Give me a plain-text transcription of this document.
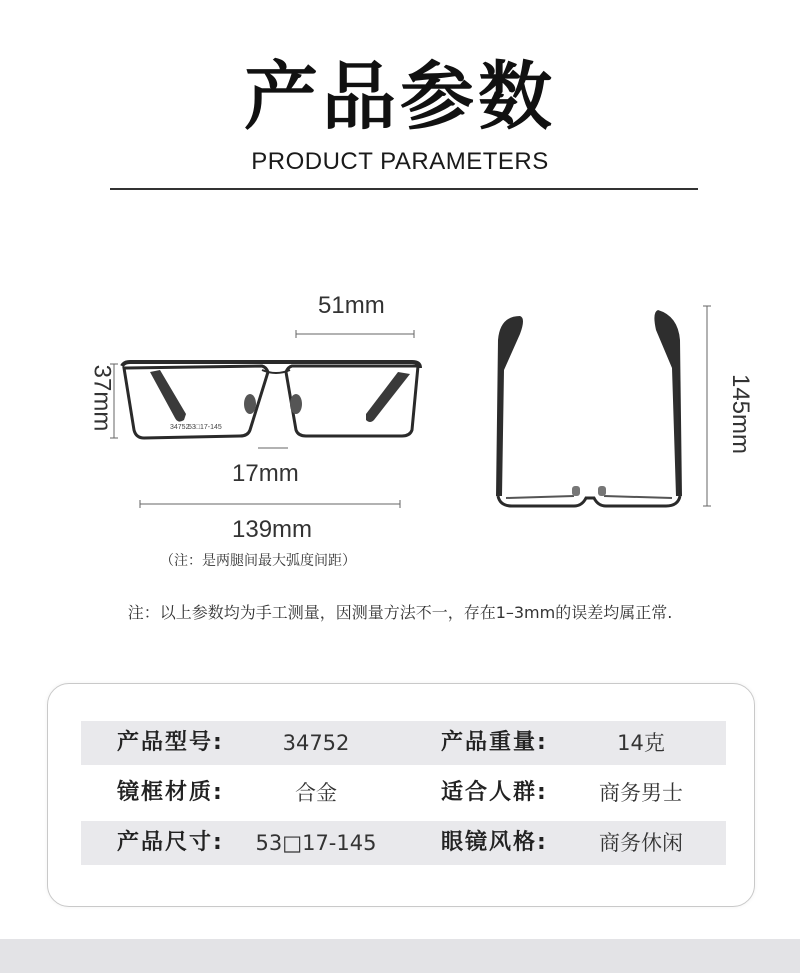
产品参数
PRODUCT PARAMETERS
34752
53□17-145
51mm
37mm
17mm
139mm
（注：是两腿间最大弧度间距）
145mm
注：以上参数均为手工测量，因测量方法不一，存在1–3mm的误差均属正常.
产品型号:	34752	产品重量:	14克
镜框材质:	合金	适合人群:	商务男士
产品尺寸: 53□17-145	眼镜风格:	商务休闲
